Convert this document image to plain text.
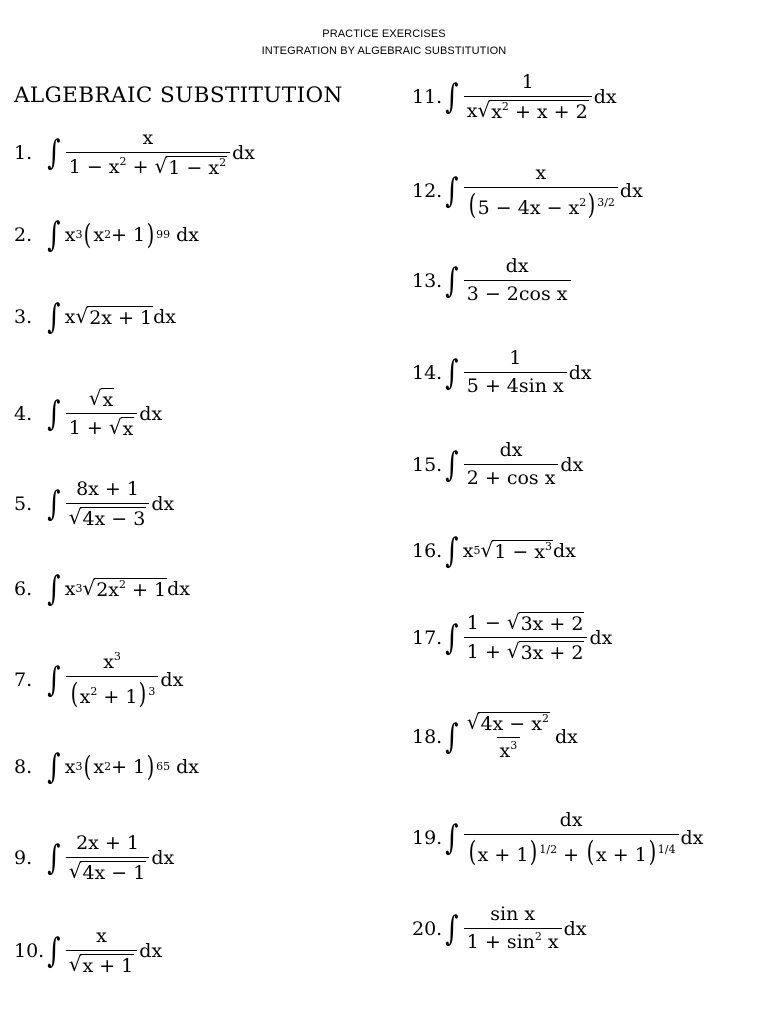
PRACTICE EXERCISES
INTEGRATION BY ALGEBRAIC SUBSTITUTION
ALGEBRAIC SUBSTITUTION
1. ∫ $\frac{x}{1 - x^2 + √ 1 - x^2}$ dx
2. ∫ x 3 ( x 2 + 1 ) 99 dx
3. ∫ x √ 2x + 1 dx
4. ∫ $\frac{√ x}{1 + √ x}$ dx
5. ∫ $\frac{8x + 1}{√ 4x - 3}$ dx
6. ∫ x 3 √ $2x^2 + 1$ dx
7. ∫ $\frac{x^3}{(x^2 + 1) ^3}$ dx
8. ∫ x 3 ( x 2 + 1 ) 65 dx
9. ∫ $\frac{2x + 1}{√ 4x - 1}$ dx
10. ∫ $\frac{x}{√ x + 1}$ dx
11. ∫ $\frac{1}{x √ x^2 + x + 2}$ dx
12. ∫ $\frac{x}{(5 - 4x - x^2) ^{3/2}}$ dx
13. ∫ $\frac{dx}{\text{3 − 2cos x}}$
14. ∫ $\frac{1}{\text{5 + 4sin x}}$ dx
15. ∫ $\frac{dx}{\text{2 + cos x}}$ dx
16. ∫ x 5 √ $1 - x^3$ dx
17. ∫ $\frac{1 - √ 3x + 2}{1 + √ 3x + 2}$ dx
18. ∫ $\frac{√ 4x - x^2}{x^3}$ dx
19. ∫ $\frac{dx}{(x + 1) ^{1/2} + (x + 1) ^{1/4}}$ dx
20. ∫ $\frac{\text{sin x}}{1 + \sin^2 x}$ dx
